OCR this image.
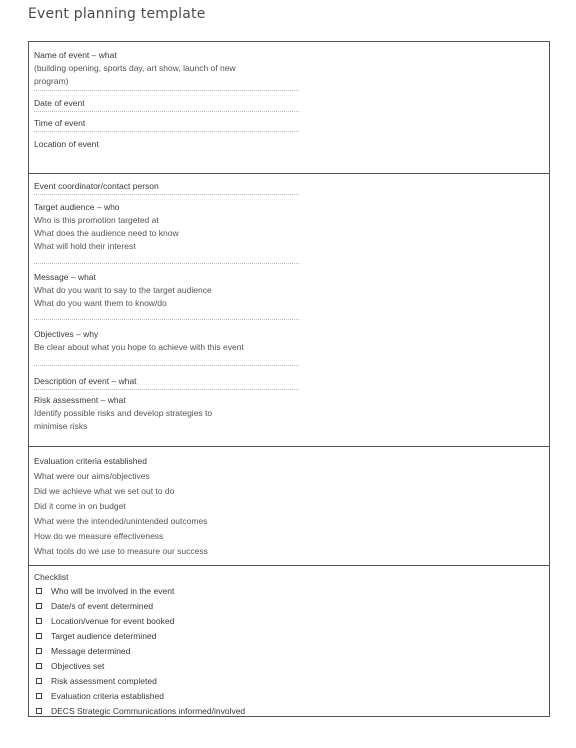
Event planning template
Name of event – what
(building opening, sports day, art show, launch of new
program)
Date of event
Time of event
Location of event
Event coordinator/contact person
Target audience – who
Who is this promotion targeted at
What does the audience need to know
What will hold their interest
Message – what
What do you want to say to the target audience
What do you want them to know/do
Objectives – why
Be clear about what you hope to achieve with this event
Description of event – what
Risk assessment – what
Identify possible risks and develop strategies to
minimise risks
Evaluation criteria established
What were our aims/objectives
Did we achieve what we set out to do
Did it come in on budget
What were the intended/unintended outcomes
How do we measure effectiveness
What tools do we use to measure our success
Checklist
Who will be involved in the event
Date/s of event determined
Location/venue for event booked
Target audience determined
Message determined
Objectives set
Risk assessment completed
Evaluation criteria established
DECS Strategic Communications informed/involved
